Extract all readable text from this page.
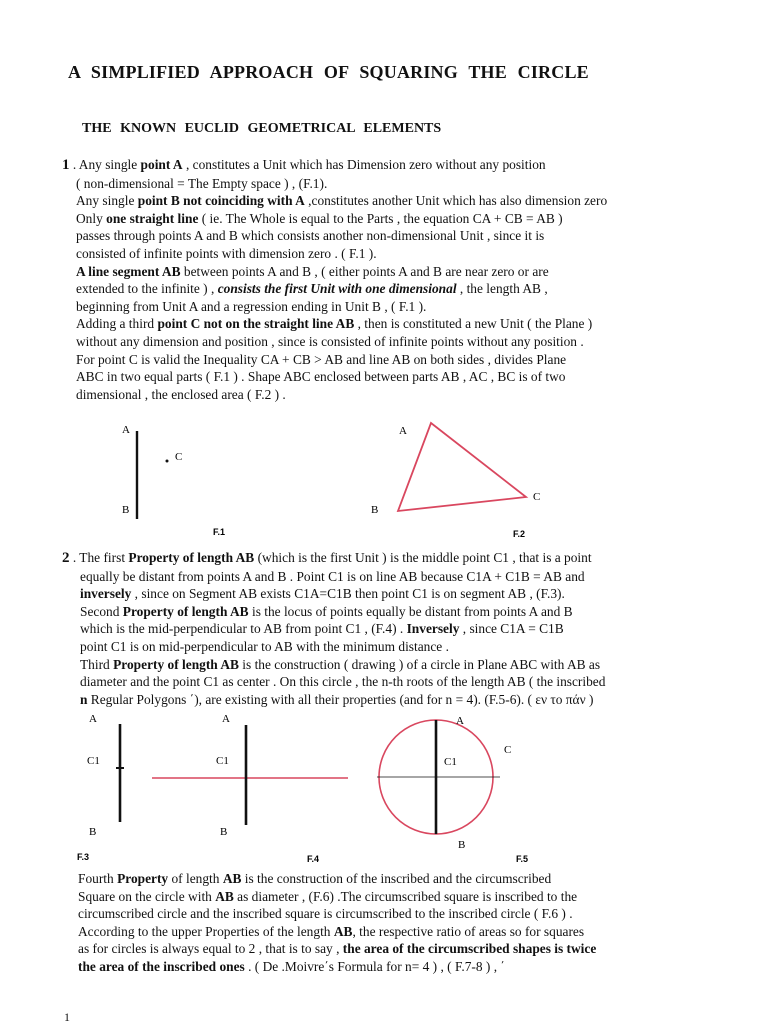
A SIMPLIFIED APPROACH OF SQUARING THE CIRCLE
THE KNOWN EUCLID GEOMETRICAL ELEMENTS
1 . Any single point A , constitutes a Unit which has Dimension zero without any position
( non-dimensional = The Empty space ) , (F.1).
Any single point B not coinciding with A ,constitutes another Unit which has also dimension zero
Only one straight line ( ie. The Whole is equal to the Parts , the equation CA + CB = AB )
passes through points A and B which consists another non-dimensional Unit , since it is
consisted of infinite points with dimension zero . ( F.1 ).
A line segment AB between points A and B , ( either points A and B are near zero or are
extended to the infinite ) , consists the first Unit with one dimensional , the length AB ,
beginning from Unit A and a regression ending in Unit B , ( F.1 ).
Adding a third point C not on the straight line AB , then is constituted a new Unit ( the Plane )
without any dimension and position , since is consisted of infinite points without any position .
For point C is valid the Inequality CA + CB > AB and line AB on both sides , divides Plane
ABC in two equal parts ( F.1 ) . Shape ABC enclosed between parts AB , AC , BC is of two
dimensional , the enclosed area ( F.2 ) .
A
C
B
F.1
A
B
C
F.2
2 . The first Property of length AB (which is the first Unit ) is the middle point C1 , that is a point
equally be distant from points A and B . Point C1 is on line AB because C1A + C1B = AB and
inversely , since on Segment AB exists C1A=C1B then point C1 is on segment AB , (F.3).
Second Property of length AB is the locus of points equally be distant from points A and B
which is the mid-perpendicular to AB from point C1 , (F.4) . Inversely , since C1A = C1B
point C1 is on mid-perpendicular to AB with the minimum distance .
Third Property of length AB is the construction ( drawing ) of a circle in Plane ABC with AB as
diameter and the point C1 as center . On this circle , the n-th roots of the length AB ( the inscribed
n Regular Polygons ΄), are existing with all their properties (and for n = 4). (F.5-6). ( εν το πάν )
A
C1
B
F.3
A
C1
B
F.4
A
C1
C
B
F.5
Fourth Property of length AB is the construction of the inscribed and the circumscribed
Square on the circle with AB as diameter , (F.6) .The circumscribed square is inscribed to the
circumscribed circle and the inscribed square is circumscribed to the inscribed circle ( F.6 ) .
According to the upper Properties of the length AB, the respective ratio of areas so for squares
as for circles is always equal to 2 , that is to say , the area of the circumscribed shapes is twice
the area of the inscribed ones . ( De .Moivre΄s Formula for n= 4 ) , ( F.7-8 ) , ΄
1
